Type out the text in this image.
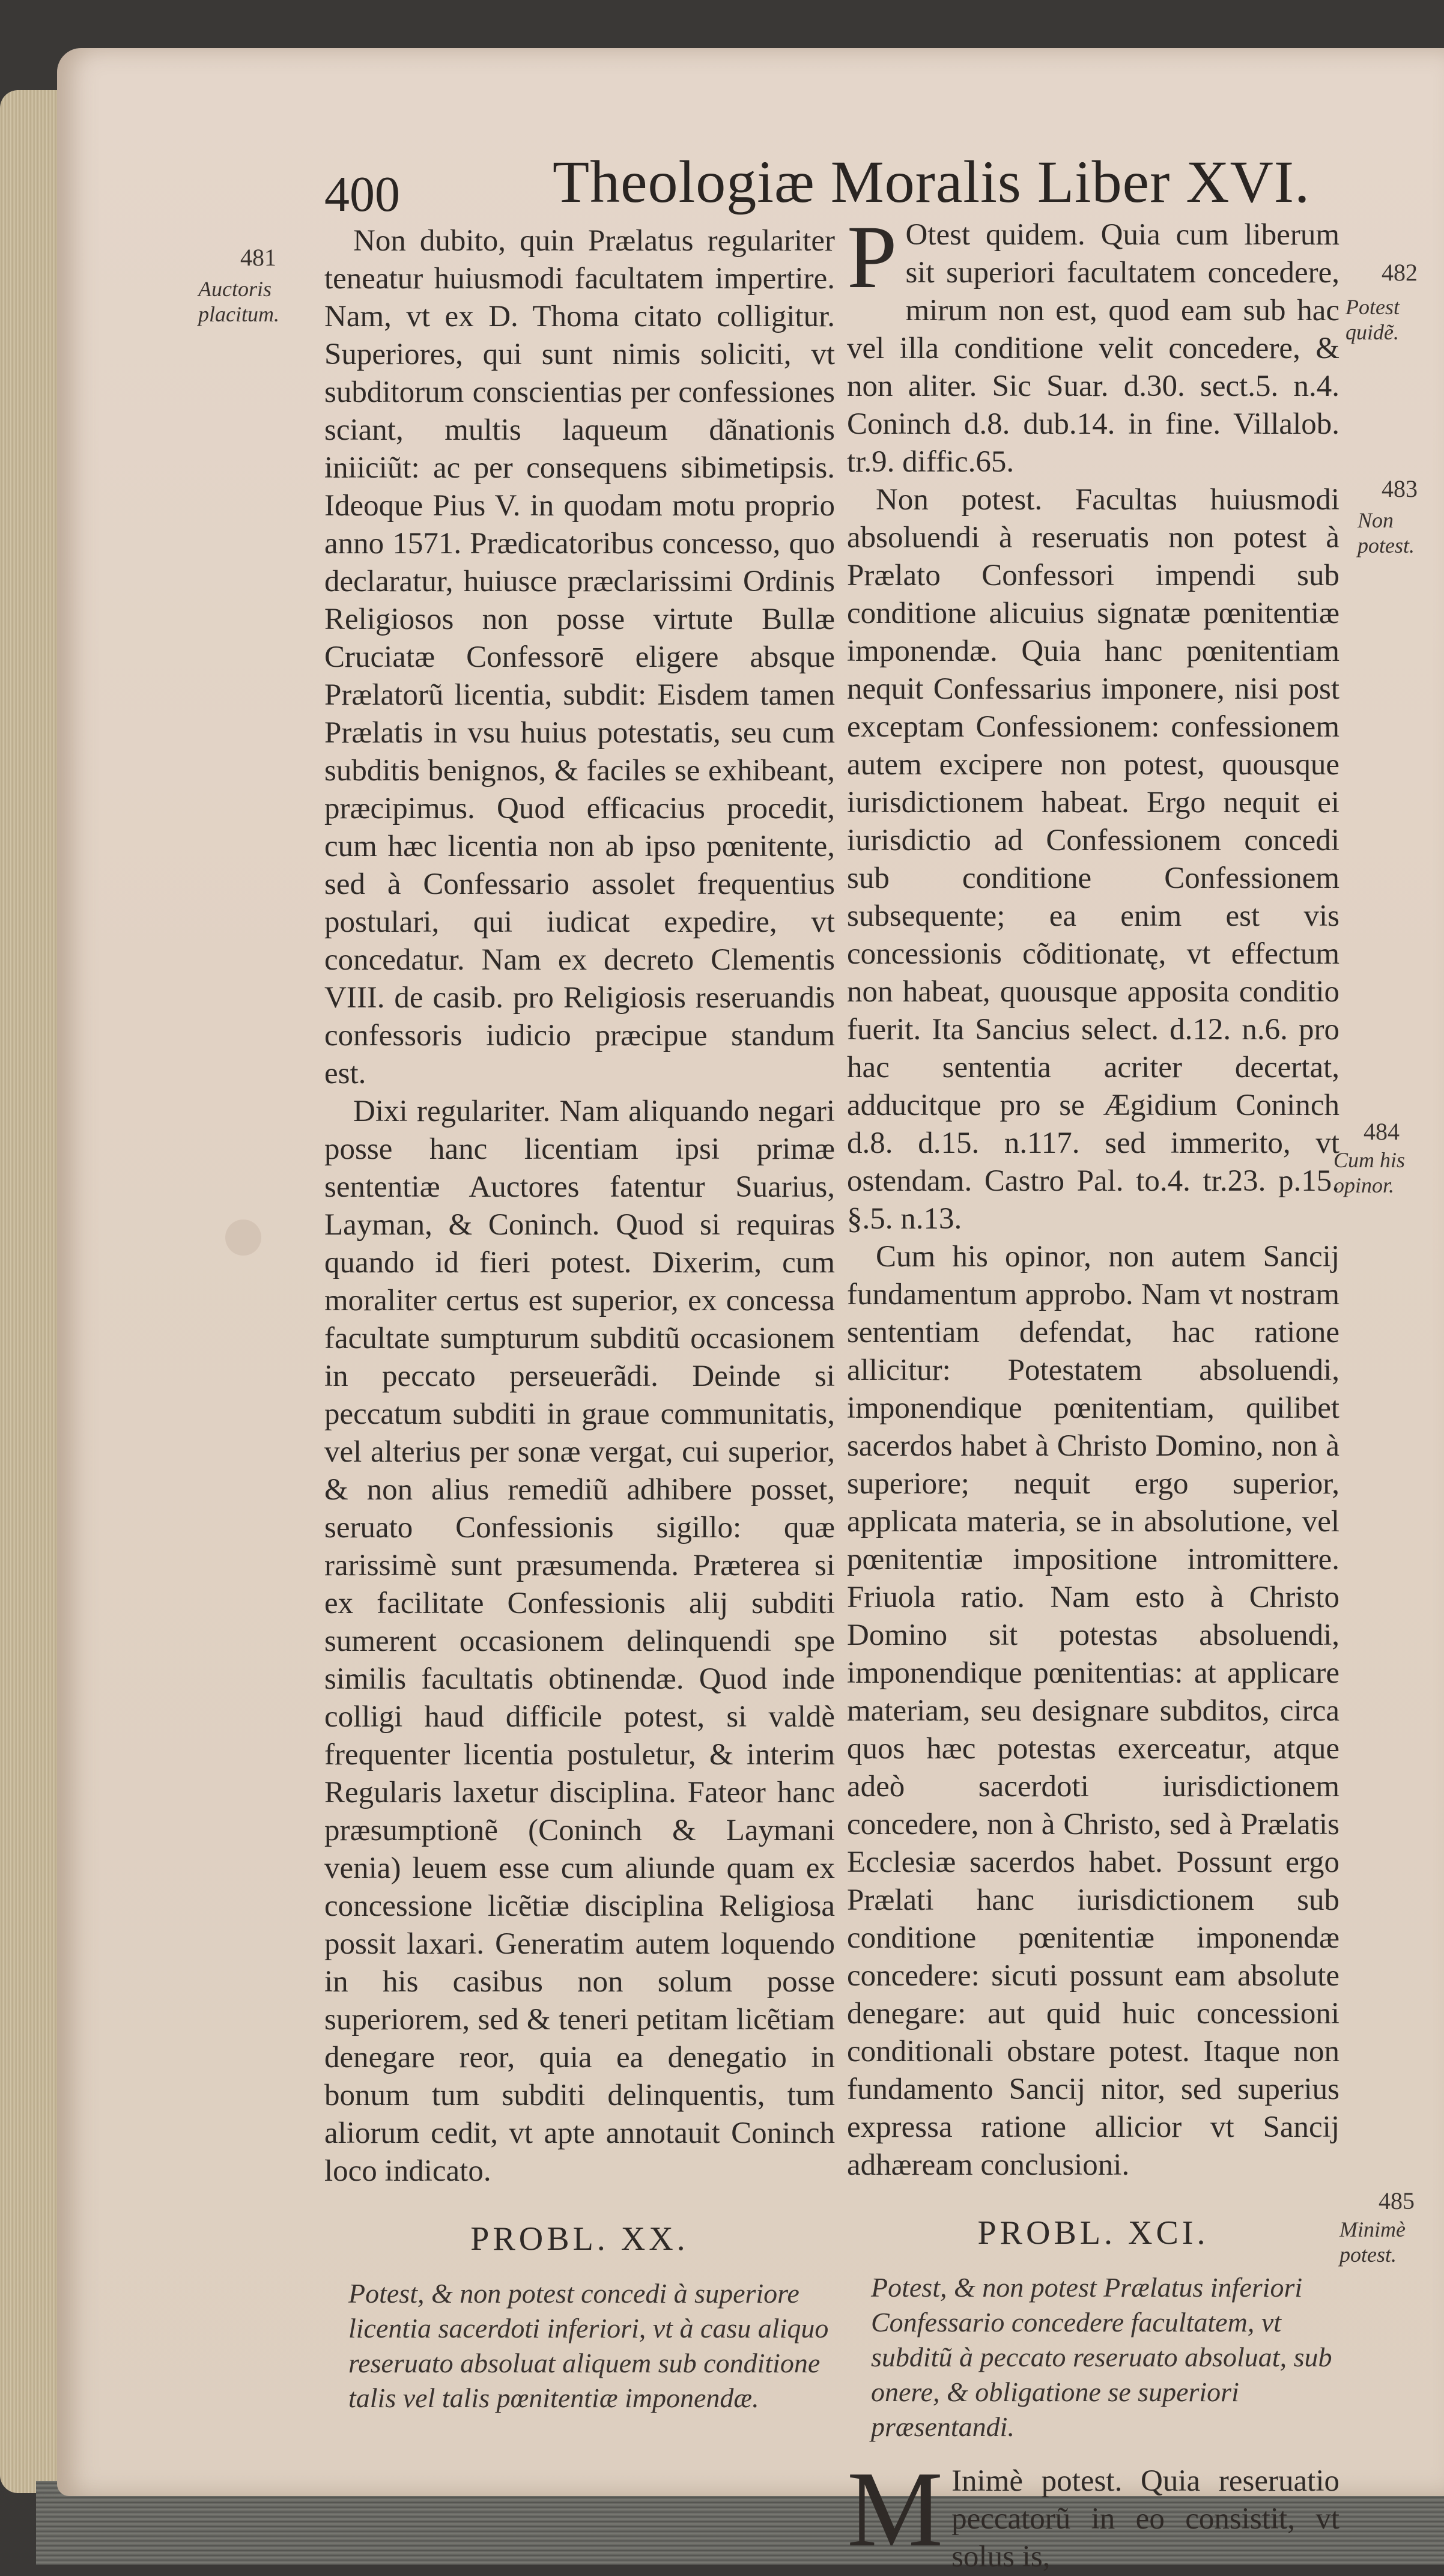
400	Theologiæ Moralis Liber XVI.
481
Auctoris placitum.
482
Potest quidẽ.
483
Non potest.
484
Cum his opinor.
485
Minimè potest.

Non dubito, quin Prælatus regulariter teneatur huiusmodi facultatem impertire. Nam, vt ex D. Thoma citato colligitur. Superiores, qui sunt nimis soliciti, vt subditorum conscientias per confessiones sciant, multis laqueum dãnationis iniiciũt: ac per consequens sibimetipsis. Ideoque Pius V. in quodam motu proprio anno 1571. Prædicatoribus concesso, quo declaratur, huiusce præclarissimi Ordinis Religiosos non posse virtute Bullæ Cruciatæ Confessorē eligere absque Prælatorũ licentia, subdit: Eisdem tamen Prælatis in vsu huius potestatis, seu cum subditis benignos, & faciles se exhibeant, præcipimus. Quod efficacius procedit, cum hæc licentia non ab ipso pœnitente, sed à Confessario assolet frequentius postulari, qui iudicat expedire, vt concedatur. Nam ex decreto Clementis VIII. de casib. pro Religiosis reseruandis confessoris iudicio præcipue standum est.

Dixi regulariter. Nam aliquando negari posse hanc licentiam ipsi primæ sententiæ Auctores fatentur Suarius, Layman, & Coninch. Quod si requiras quando id fieri potest. Dixerim, cum moraliter certus est superior, ex concessa facultate sumpturum subditũ occasionem in peccato perseuerãdi. Deinde si peccatum subditi in graue communitatis, vel alterius per sonæ vergat, cui superior, & non alius remediũ adhibere posset, seruato Confessionis sigillo: quæ rarissimè sunt præsumenda. Præterea si ex facilitate Confessionis alij subditi sumerent occasionem delinquendi spe similis facultatis obtinendæ. Quod inde colligi haud difficile potest, si valdè frequenter licentia postuletur, & interim Regularis laxetur disciplina. Fateor hanc præsumptionẽ (Coninch & Laymani venia) leuem esse cum aliunde quam ex concessione licẽtiæ disciplina Religiosa possit laxari. Generatim autem loquendo in his casibus non solum posse superiorem, sed & teneri petitam licẽtiam denegare reor, quia ea denegatio in bonum tum subditi delinquentis, tum aliorum cedit, vt apte annotauit Coninch loco indicato.

PROBL. XX.
Potest, & non potest concedi à superiore licentia sacerdoti inferiori, vt à casu aliquo reseruato absoluat aliquem sub conditione talis vel talis pœnitentiæ imponendæ.

P Otest quidem. Quia cum liberum sit superiori facultatem concedere, mirum non est, quod eam sub hac vel illa conditione velit concedere, & non aliter. Sic Suar. d.30. sect.5. n.4. Coninch d.8. dub.14. in fine. Villalob. tr.9. diffic.65.

Non potest. Facultas huiusmodi absoluendi à reseruatis non potest à Prælato Confessori impendi sub conditione alicuius signatæ pœnitentiæ imponendæ. Quia hanc pœnitentiam nequit Confessarius imponere, nisi post exceptam Confessionem: confessionem autem excipere non potest, quousque iurisdictionem habeat. Ergo nequit ei iurisdictio ad Confessionem concedi sub conditione Confessionem subsequente; ea enim est vis concessionis cõditionatę, vt effectum non habeat, quousque apposita conditio fuerit. Ita Sancius select. d.12. n.6. pro hac sententia acriter decertat, adducitque pro se Ægidium Coninch d.8. d.15. n.117. sed immerito, vt ostendam. Castro Pal. to.4. tr.23. p.15. §.5. n.13.

Cum his opinor, non autem Sancij fundamentum approbo. Nam vt nostram sententiam defendat, hac ratione allicitur: Potestatem absoluendi, imponendique pœnitentiam, quilibet sacerdos habet à Christo Domino, non à superiore; nequit ergo superior, applicata materia, se in absolutione, vel pœnitentiæ impositione intromittere. Friuola ratio. Nam esto à Christo Domino sit potestas absoluendi, imponendique pœnitentias: at applicare materiam, seu designare subditos, circa quos hæc potestas exerceatur, atque adeò sacerdoti iurisdictionem concedere, non à Christo, sed à Prælatis Ecclesiæ sacerdos habet. Possunt ergo Prælati hanc iurisdictionem sub conditione pœnitentiæ imponendæ concedere: sicuti possunt eam absolute denegare: aut quid huic concessioni conditionali obstare potest. Itaque non fundamento Sancij nitor, sed superius expressa ratione allicior vt Sancij adhæream conclusioni.

PROBL. XCI.
Potest, & non potest Prælatus inferiori Confessario concedere facultatem, vt subditũ à peccato reseruato absoluat, sub onere, & obligatione se superiori præsentandi.

M Inimè potest. Quia reseruatio peccatorũ in eo consistit, vt solus is,
